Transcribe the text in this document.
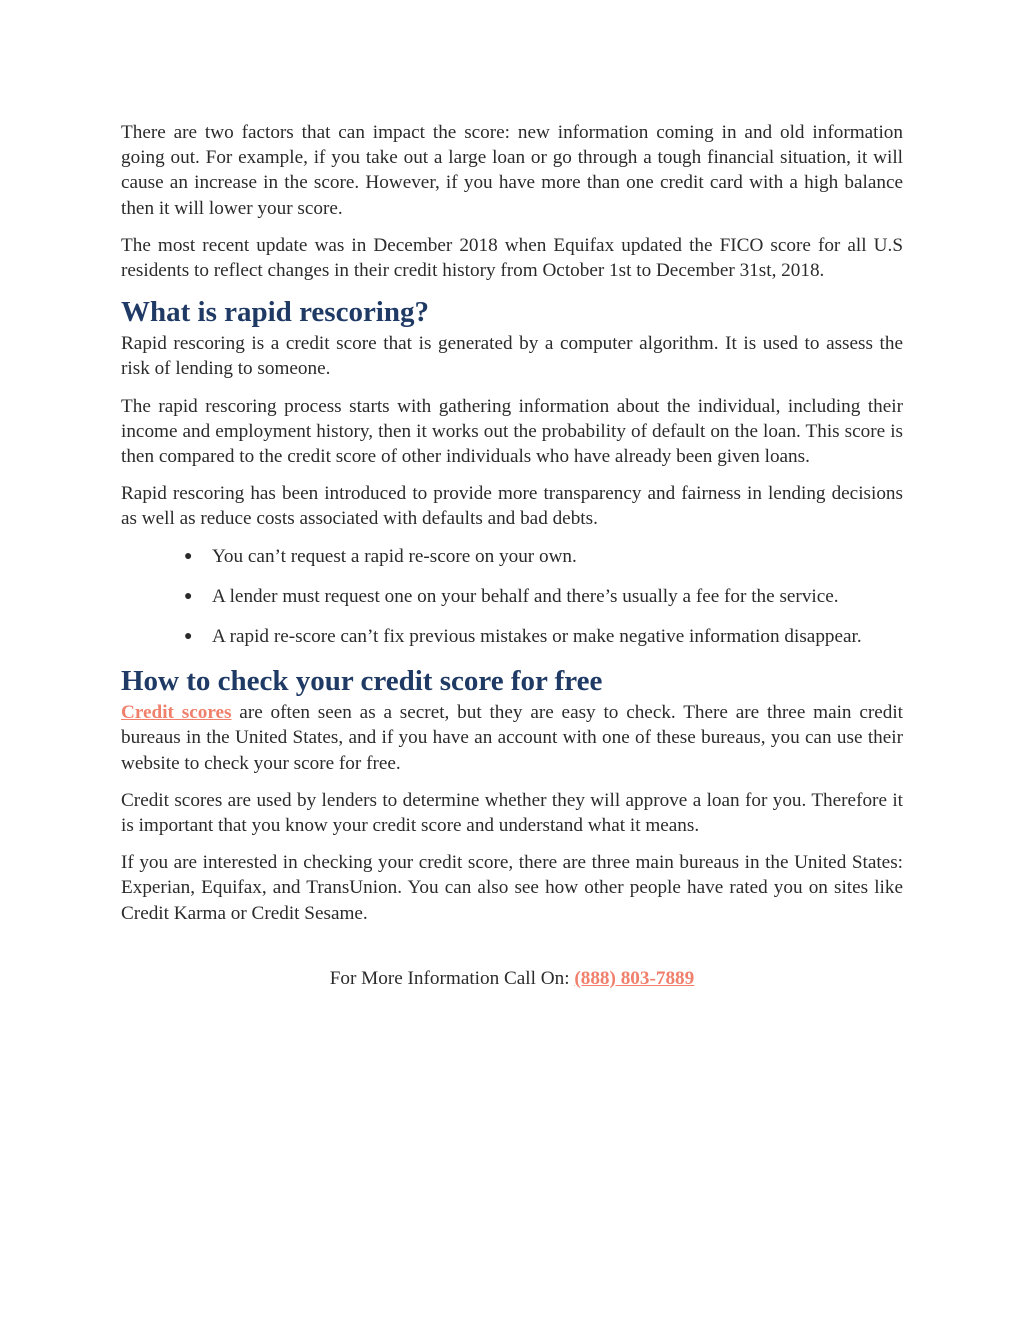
There are two factors that can impact the score: new information coming in and old information going out. For example, if you take out a large loan or go through a tough financial situation, it will cause an increase in the score. However, if you have more than one credit card with a high balance then it will lower your score.

The most recent update was in December 2018 when Equifax updated the FICO score for all U.S residents to reflect changes in their credit history from October 1st to December 31st, 2018.

What is rapid rescoring?

Rapid rescoring is a credit score that is generated by a computer algorithm. It is used to assess the risk of lending to someone.

The rapid rescoring process starts with gathering information about the individual, including their income and employment history, then it works out the probability of default on the loan. This score is then compared to the credit score of other individuals who have already been given loans.

Rapid rescoring has been introduced to provide more transparency and fairness in lending decisions as well as reduce costs associated with defaults and bad debts.

● You can’t request a rapid re-score on your own.
● A lender must request one on your behalf and there’s usually a fee for the service.
● A rapid re-score can’t fix previous mistakes or make negative information disappear.
How to check your credit score for free

Credit scores are often seen as a secret, but they are easy to check. There are three main credit bureaus in the United States, and if you have an account with one of these bureaus, you can use their website to check your score for free.

Credit scores are used by lenders to determine whether they will approve a loan for you. Therefore it is important that you know your credit score and understand what it means.

If you are interested in checking your credit score, there are three main bureaus in the United States: Experian, Equifax, and TransUnion. You can also see how other people have rated you on sites like Credit Karma or Credit Sesame.

For More Information Call On: (888) 803-7889
